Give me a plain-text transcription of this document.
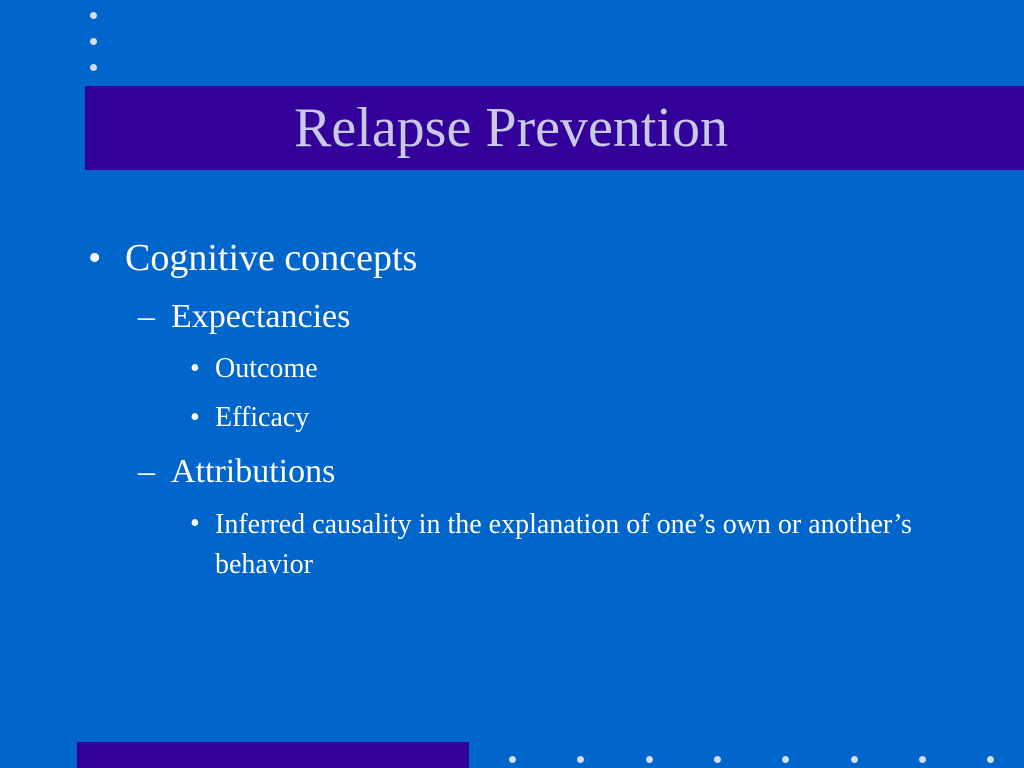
Relapse Prevention
• Cognitive concepts
– Expectancies
• Outcome
• Efficacy
– Attributions
• Inferred causality in the explanation of one’s own or another’s behavior
